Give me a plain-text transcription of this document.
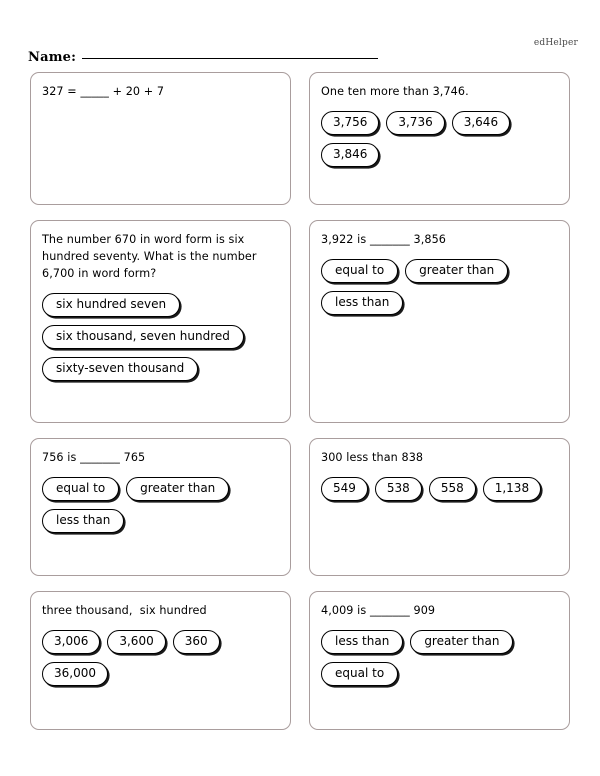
edHelper
Name:
327 = _____ + 20 + 7	One ten more than 3,746.
3,756	3,736	3,646
3,846
The number 670 in word form is six hundred seventy. What is the number 6,700 in word form?
six hundred seven
six thousand, seven hundred
sixty-seven thousand
3,922 is _______ 3,856
equal to	greater than
less than
756 is _______ 765
equal to	greater than
less than
300 less than 838
549	538	558	1,138
three thousand,  six hundred
3,006	3,600	360
36,000
4,009 is _______ 909
less than	greater than
equal to
